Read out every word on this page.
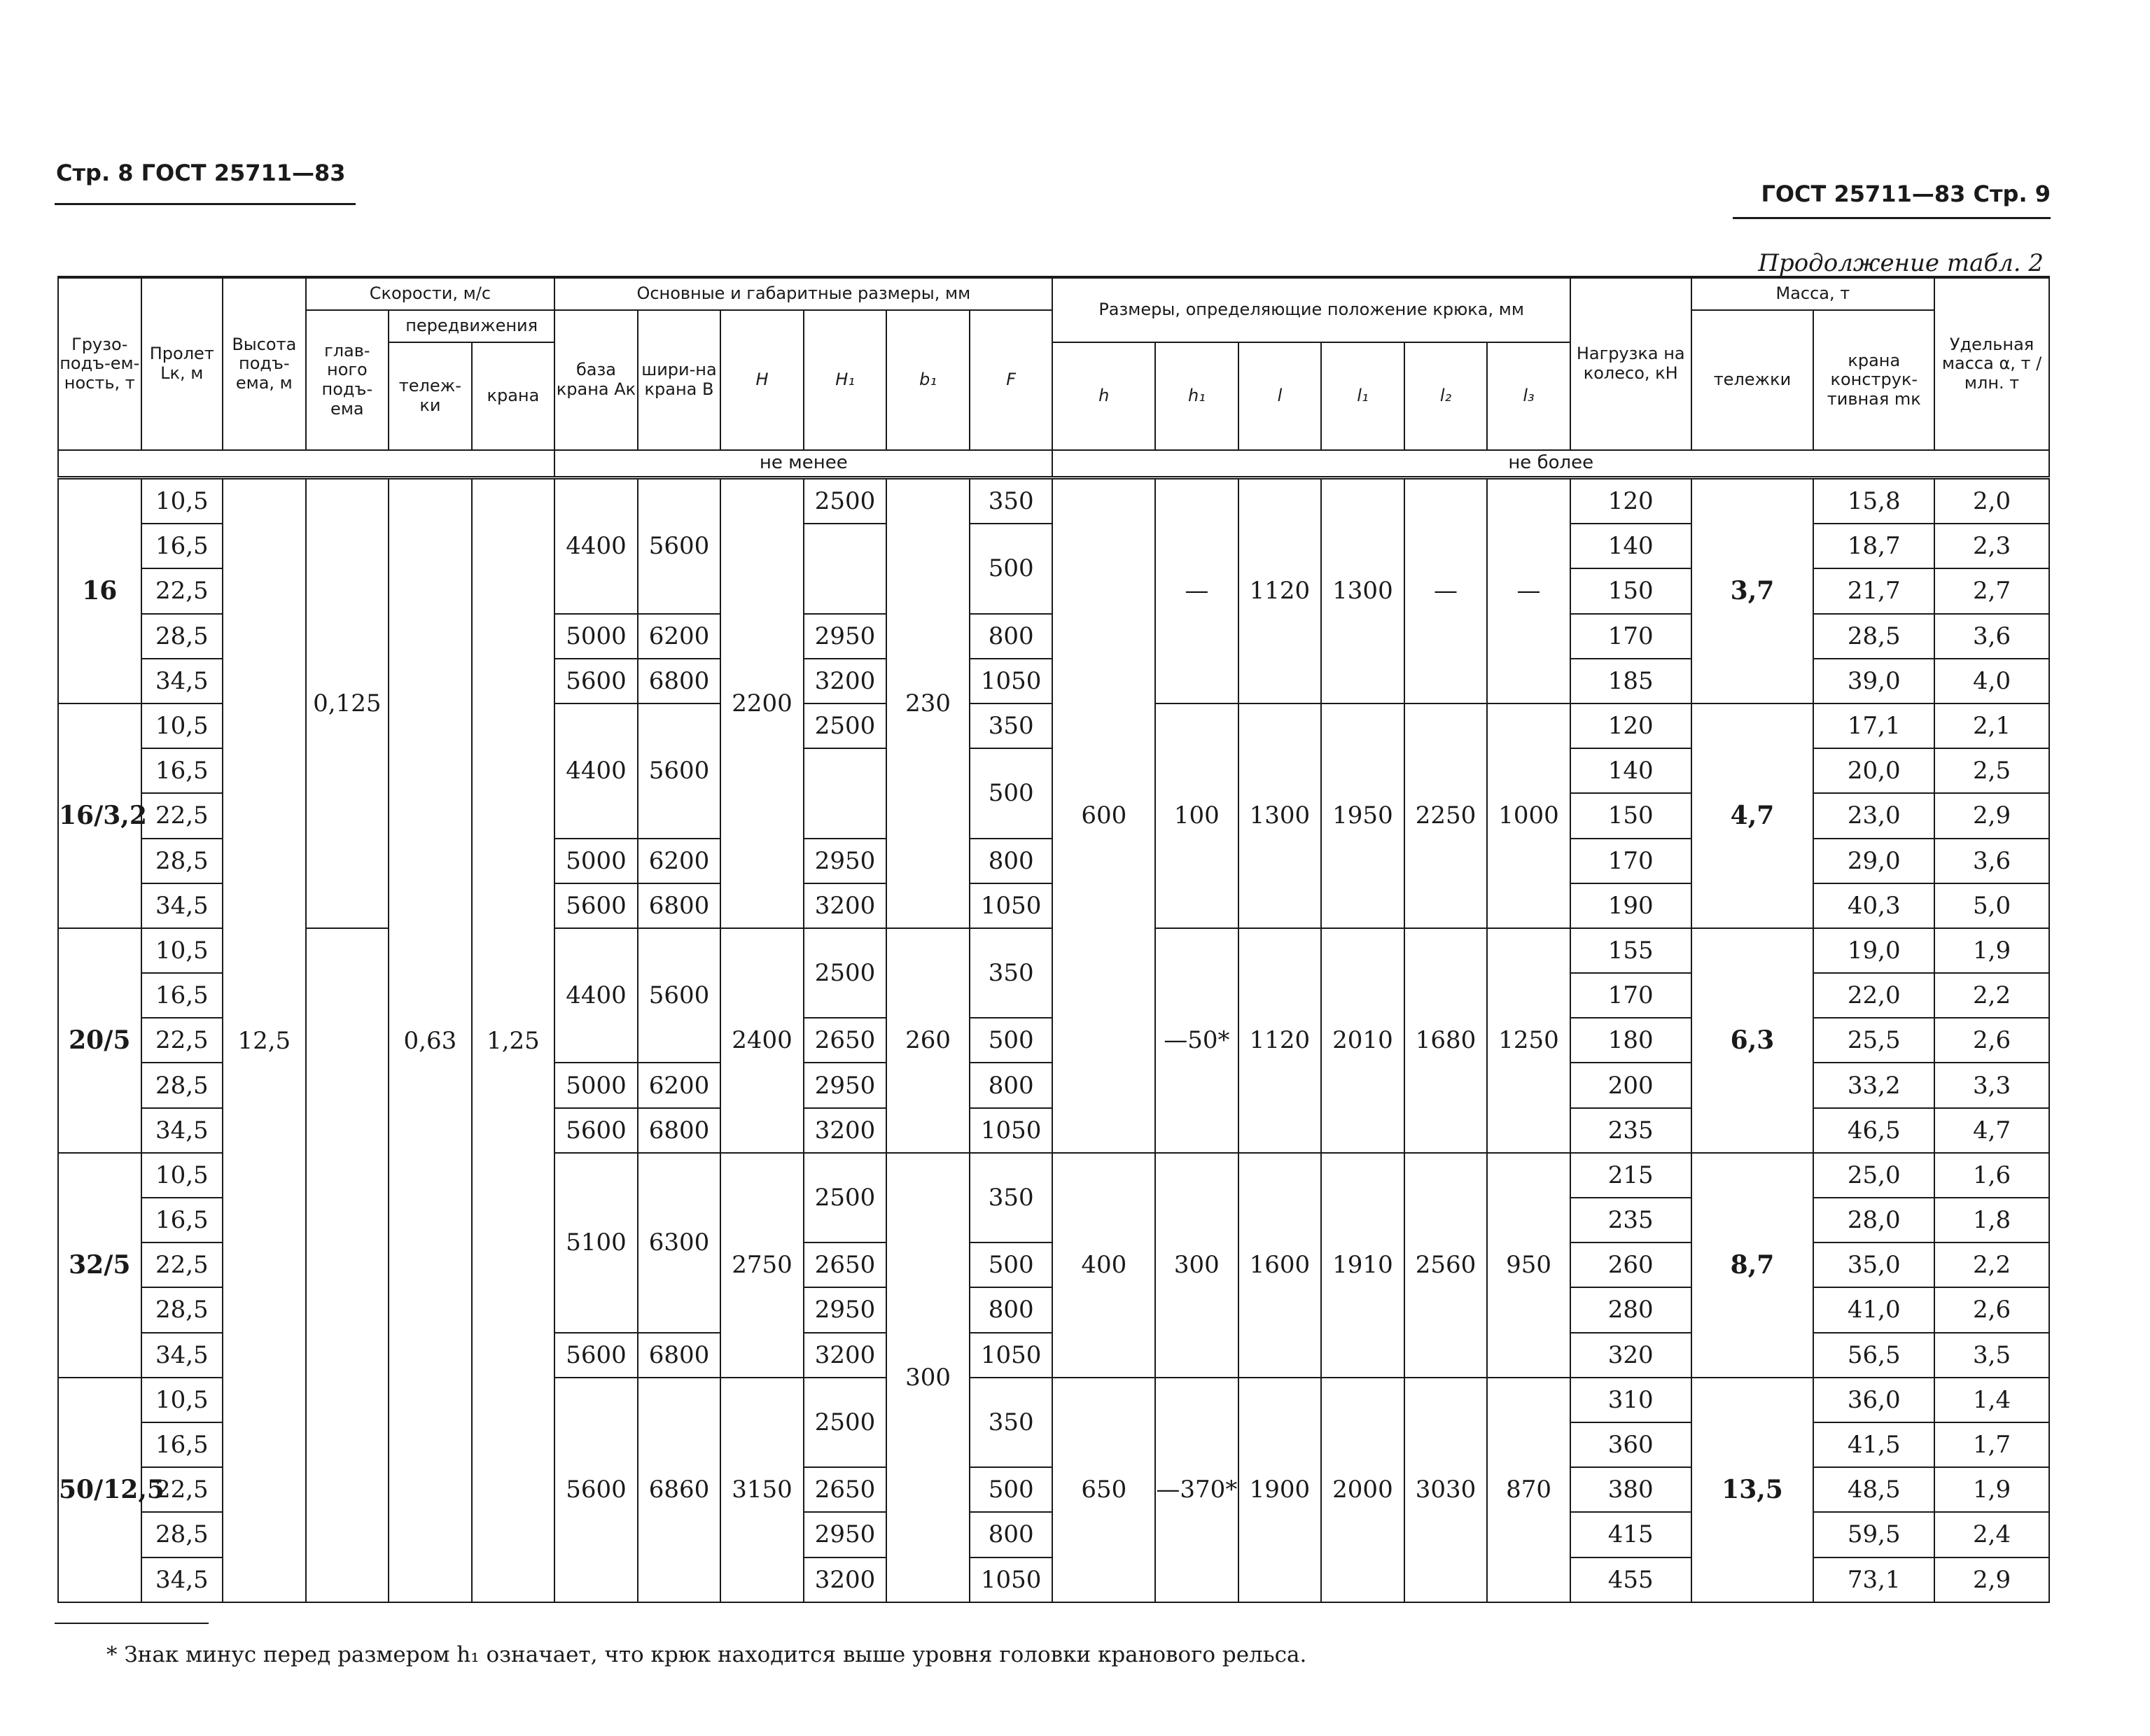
Стр. 8 ГОСТ 25711—83
ГОСТ 25711—83 Стр. 9
Продолжение табл. 2
Грузо-подъ-ем-ность, т	Пролет Lк, м	Высота подъ-ема, м	Скорости, м/с			Основные и габаритные размеры, мм						Размеры, определяющие положение крюка, мм						Нагрузка на колесо, кН	Масса, т		Удельная масса α, т / млн. т
			глав-ного подъ-ема	передвижения		база крана Aк	шири-на крана B	H	H₁	b₁	F								тележки	крана конструк-тивная mк	
				тележ-ки	крана							h	h₁	l	l₁	l₂	l₃				
						не менее						не более									
16	10,5	12,5	0,125	0,63	1,25	4400	5600	2200	2500	230	350	600	—	1120	1300	—	—	120	3,7	15,8	2,0
	16,5										500							140		18,7	2,3
	22,5																	150		21,7	2,7
	28,5					5000	6200		2950		800							170		28,5	3,6
	34,5					5600	6800		3200		1050							185		39,0	4,0
16/3,2	10,5					4400	5600		2500		350		100	1300	1950	2250	1000	120	4,7	17,1	2,1
	16,5										500							140		20,0	2,5
	22,5																	150		23,0	2,9
	28,5					5000	6200		2950		800							170		29,0	3,6
	34,5					5600	6800		3200		1050							190		40,3	5,0
20/5	10,5					4400	5600	2400	2500	260	350		—50*	1120	2010	1680	1250	155	6,3	19,0	1,9
	16,5																	170		22,0	2,2
	22,5								2650		500							180		25,5	2,6
	28,5					5000	6200		2950		800							200		33,2	3,3
	34,5					5600	6800		3200		1050							235		46,5	4,7
32/5	10,5					5100	6300	2750	2500	300	350	400	300	1600	1910	2560	950	215	8,7	25,0	1,6
	16,5																	235		28,0	1,8
	22,5								2650		500							260		35,0	2,2
	28,5								2950		800							280		41,0	2,6
	34,5					5600	6800		3200		1050							320		56,5	3,5
50/12,5	10,5					5600	6860	3150	2500		350	650	—370*	1900	2000	3030	870	310	13,5	36,0	1,4
	16,5																	360		41,5	1,7
	22,5								2650		500							380		48,5	1,9
	28,5								2950		800							415		59,5	2,4
	34,5								3200		1050							455		73,1	2,9
* Знак минус перед размером h₁ означает, что крюк находится выше уровня головки кранового рельса.
